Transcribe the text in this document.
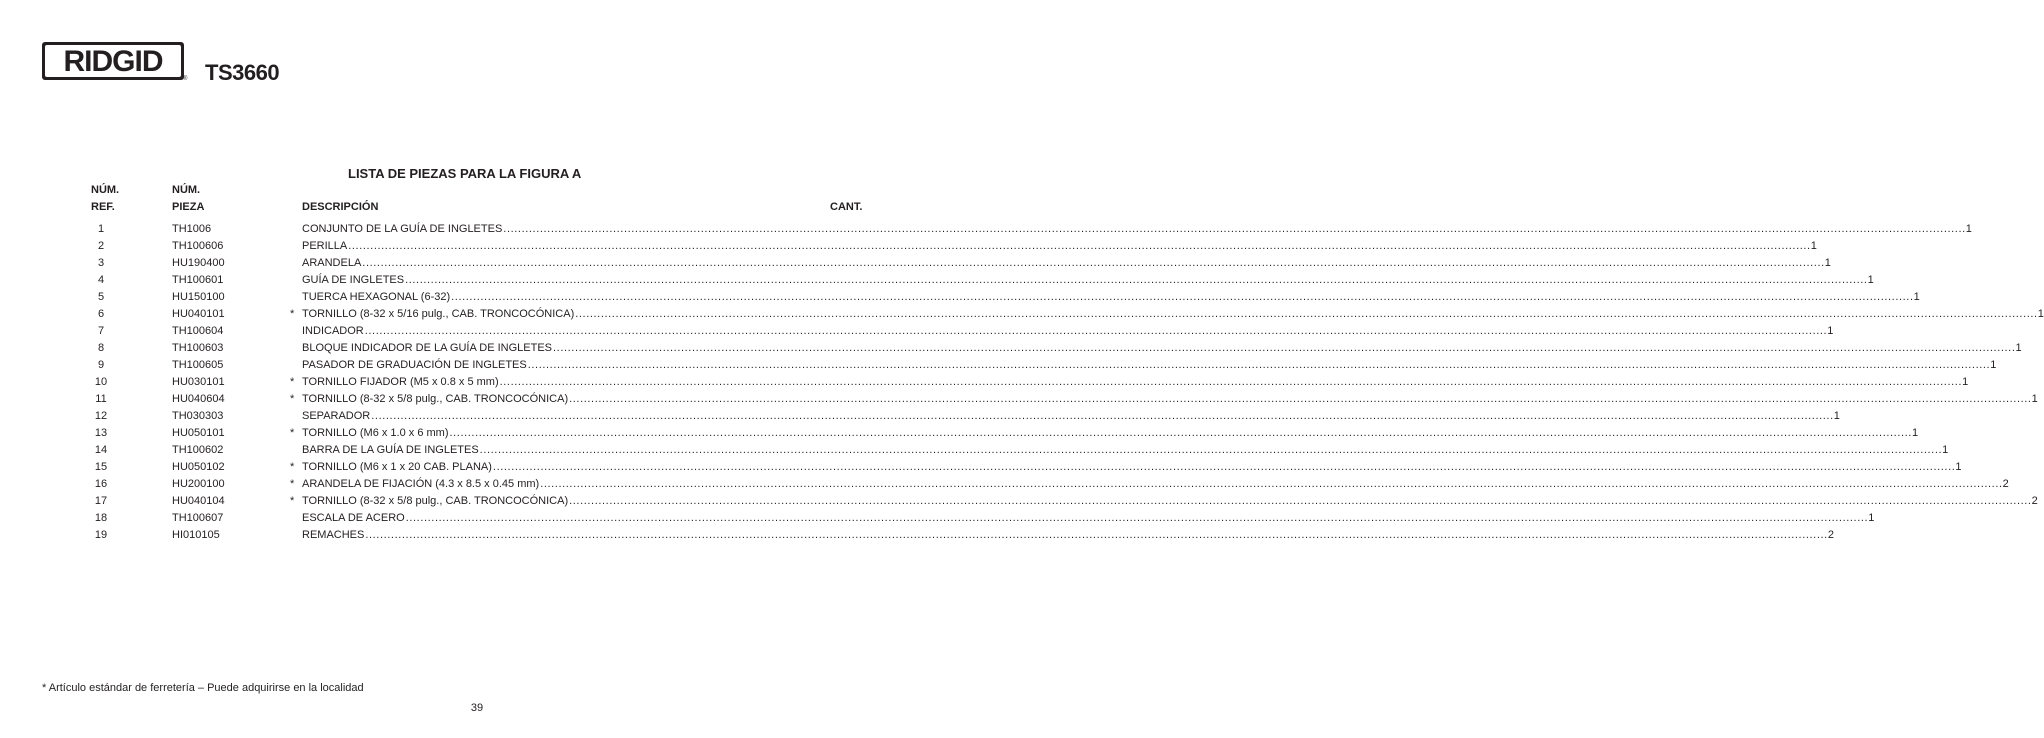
RIDGID
® TS3660
LISTA DE PIEZAS PARA LA FIGURA A
NÚM.
REF.
NÚM.
PIEZA	DESCRIPCIÓN	CANT.
1	TH1006	CONJUNTO DE LA GUÍA DE INGLETES ................................................................................................................................................................................................................................................................................................................................................................................................................ 1
2	TH100606	PERILLA ................................................................................................................................................................................................................................................................................................................................................................................................................ 1
3	HU190400	ARANDELA ................................................................................................................................................................................................................................................................................................................................................................................................................ 1
4	TH100601	GUÍA DE INGLETES ................................................................................................................................................................................................................................................................................................................................................................................................................ 1
5	HU150100	TUERCA HEXAGONAL (6-32) ................................................................................................................................................................................................................................................................................................................................................................................................................ 1
6	HU040101	* TORNILLO (8-32 x 5/16 pulg., CAB. TRONCOCÓNICA) ................................................................................................................................................................................................................................................................................................................................................................................................................ 1
7	TH100604	INDICADOR ................................................................................................................................................................................................................................................................................................................................................................................................................ 1
8	TH100603	BLOQUE INDICADOR DE LA GUÍA DE INGLETES ................................................................................................................................................................................................................................................................................................................................................................................................................ 1
9	TH100605	PASADOR DE GRADUACIÓN DE INGLETES ................................................................................................................................................................................................................................................................................................................................................................................................................ 1
10	HU030101	* TORNILLO FIJADOR (M5 x 0.8 x 5 mm) ................................................................................................................................................................................................................................................................................................................................................................................................................ 1
11	HU040604	* TORNILLO (8-32 x 5/8 pulg., CAB. TRONCOCÓNICA) ................................................................................................................................................................................................................................................................................................................................................................................................................ 1
12	TH030303	SEPARADOR ................................................................................................................................................................................................................................................................................................................................................................................................................ 1
13	HU050101	* TORNILLO (M6 x 1.0 x 6 mm) ................................................................................................................................................................................................................................................................................................................................................................................................................ 1
14	TH100602	BARRA DE LA GUÍA DE INGLETES ................................................................................................................................................................................................................................................................................................................................................................................................................ 1
15	HU050102	* TORNILLO (M6 x 1 x 20 CAB. PLANA) ................................................................................................................................................................................................................................................................................................................................................................................................................ 1
16	HU200100	* ARANDELA DE FIJACIÓN (4.3 x 8.5 x 0.45 mm) ................................................................................................................................................................................................................................................................................................................................................................................................................ 2
17	HU040104	* TORNILLO (8-32 x 5/8 pulg., CAB. TRONCOCÓNICA) ................................................................................................................................................................................................................................................................................................................................................................................................................ 2
18	TH100607	ESCALA DE ACERO ................................................................................................................................................................................................................................................................................................................................................................................................................ 1
19	HI010105	REMACHES ................................................................................................................................................................................................................................................................................................................................................................................................................ 2
* Artículo estándar de ferretería – Puede adquirirse en la localidad
39
